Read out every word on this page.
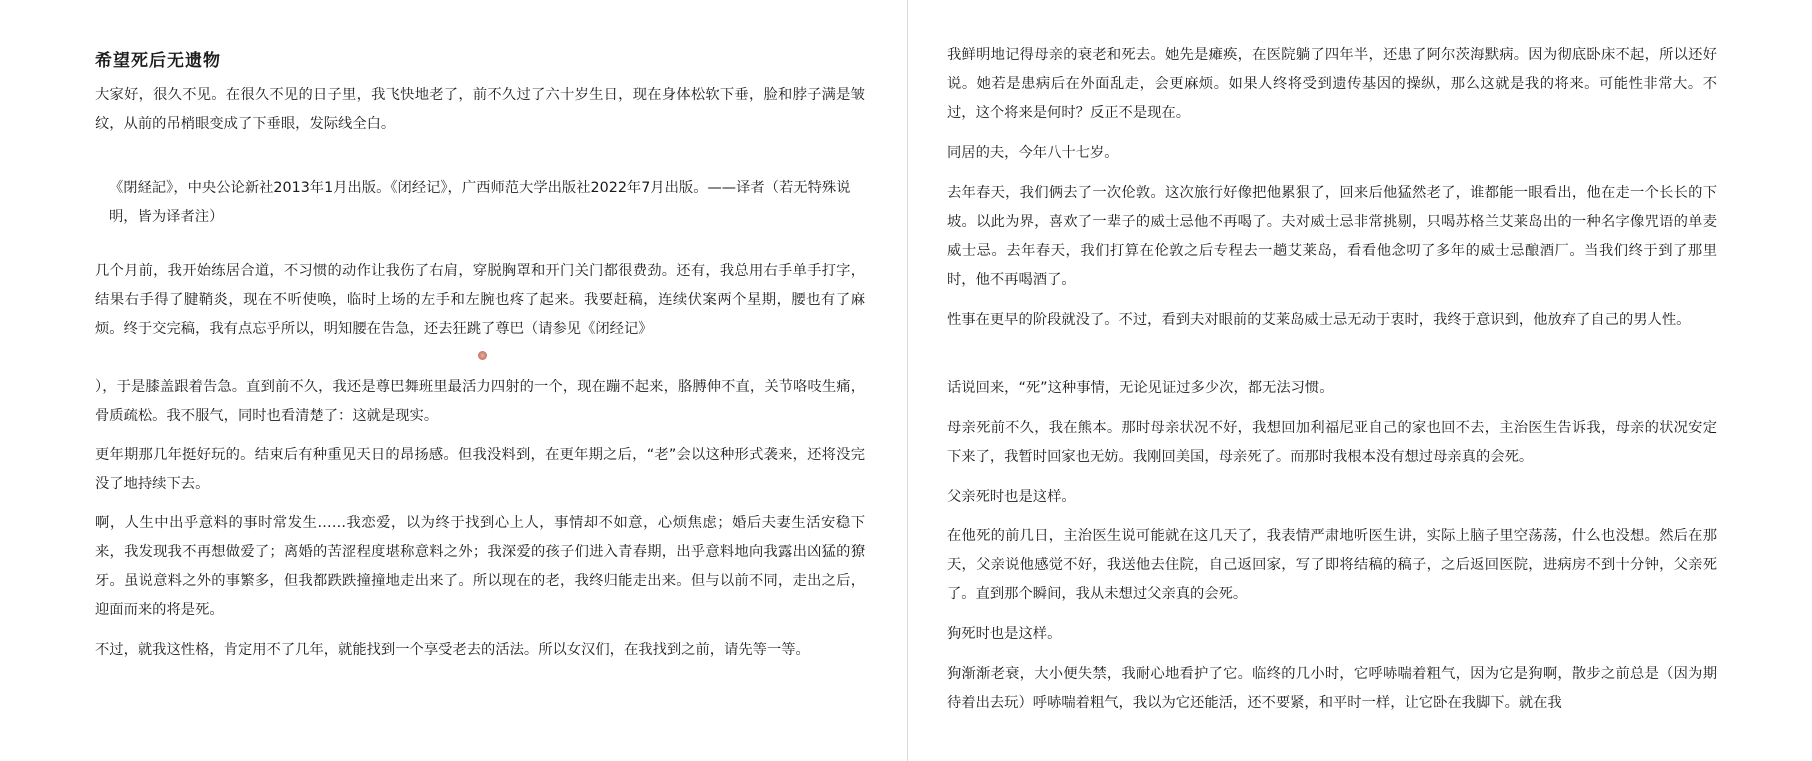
希望死后无遗物

大家好，很久不见。在很久不见的日子里，我飞快地老了，前不久过了六十岁生日，现在身体松软下垂，脸和脖子满是皱纹，从前的吊梢眼变成了下垂眼，发际线全白。

《閉経記》，中央公论新社2013年1月出版。《闭经记》，广西师范大学出版社2022年7月出版。——译者（若无特殊说明，皆为译者注）

几个月前，我开始练居合道，不习惯的动作让我伤了右肩，穿脱胸罩和开门关门都很费劲。还有，我总用右手单手打字，结果右手得了腱鞘炎，现在不听使唤，临时上场的左手和左腕也疼了起来。我要赶稿，连续伏案两个星期，腰也有了麻烦。终于交完稿，我有点忘乎所以，明知腰在告急，还去狂跳了尊巴（请参见《闭经记》

），于是膝盖跟着告急。直到前不久，我还是尊巴舞班里最活力四射的一个，现在蹦不起来，胳膊伸不直，关节咯吱生痛，骨质疏松。我不服气，同时也看清楚了：这就是现实。

更年期那几年挺好玩的。结束后有种重见天日的昂扬感。但我没料到，在更年期之后，“老”会以这种形式袭来，还将没完没了地持续下去。

啊，人生中出乎意料的事时常发生……我恋爱，以为终于找到心上人，事情却不如意，心烦焦虑；婚后夫妻生活安稳下来，我发现我不再想做爱了；离婚的苦涩程度堪称意料之外；我深爱的孩子们进入青春期，出乎意料地向我露出凶猛的獠牙。虽说意料之外的事繁多，但我都跌跌撞撞地走出来了。所以现在的老，我终归能走出来。但与以前不同，走出之后，迎面而来的将是死。

不过，就我这性格，肯定用不了几年，就能找到一个享受老去的活法。所以女汉们，在我找到之前，请先等一等。

我鲜明地记得母亲的衰老和死去。她先是瘫痪，在医院躺了四年半，还患了阿尔茨海默病。因为彻底卧床不起，所以还好说。她若是患病后在外面乱走，会更麻烦。如果人终将受到遗传基因的操纵，那么这就是我的将来。可能性非常大。不过，这个将来是何时？反正不是现在。

同居的夫，今年八十七岁。

去年春天，我们俩去了一次伦敦。这次旅行好像把他累狠了，回来后他猛然老了，谁都能一眼看出，他在走一个长长的下坡。以此为界，喜欢了一辈子的威士忌他不再喝了。夫对威士忌非常挑剔，只喝苏格兰艾莱岛出的一种名字像咒语的单麦威士忌。去年春天，我们打算在伦敦之后专程去一趟艾莱岛，看看他念叨了多年的威士忌酿酒厂。当我们终于到了那里时，他不再喝酒了。

性事在更早的阶段就没了。不过，看到夫对眼前的艾莱岛威士忌无动于衷时，我终于意识到，他放弃了自己的男人性。

话说回来，“死”这种事情，无论见证过多少次，都无法习惯。

母亲死前不久，我在熊本。那时母亲状况不好，我想回加利福尼亚自己的家也回不去，主治医生告诉我，母亲的状况安定下来了，我暂时回家也无妨。我刚回美国，母亲死了。而那时我根本没有想过母亲真的会死。

父亲死时也是这样。

在他死的前几日，主治医生说可能就在这几天了，我表情严肃地听医生讲，实际上脑子里空荡荡，什么也没想。然后在那天，父亲说他感觉不好，我送他去住院，自己返回家，写了即将结稿的稿子，之后返回医院，进病房不到十分钟，父亲死了。直到那个瞬间，我从未想过父亲真的会死。

狗死时也是这样。

狗渐渐老衰，大小便失禁，我耐心地看护了它。临终的几小时，它呼哧喘着粗气，因为它是狗啊，散步之前总是（因为期待着出去玩）呼哧喘着粗气，我以为它还能活，还不要紧，和平时一样，让它卧在我脚下。就在我
